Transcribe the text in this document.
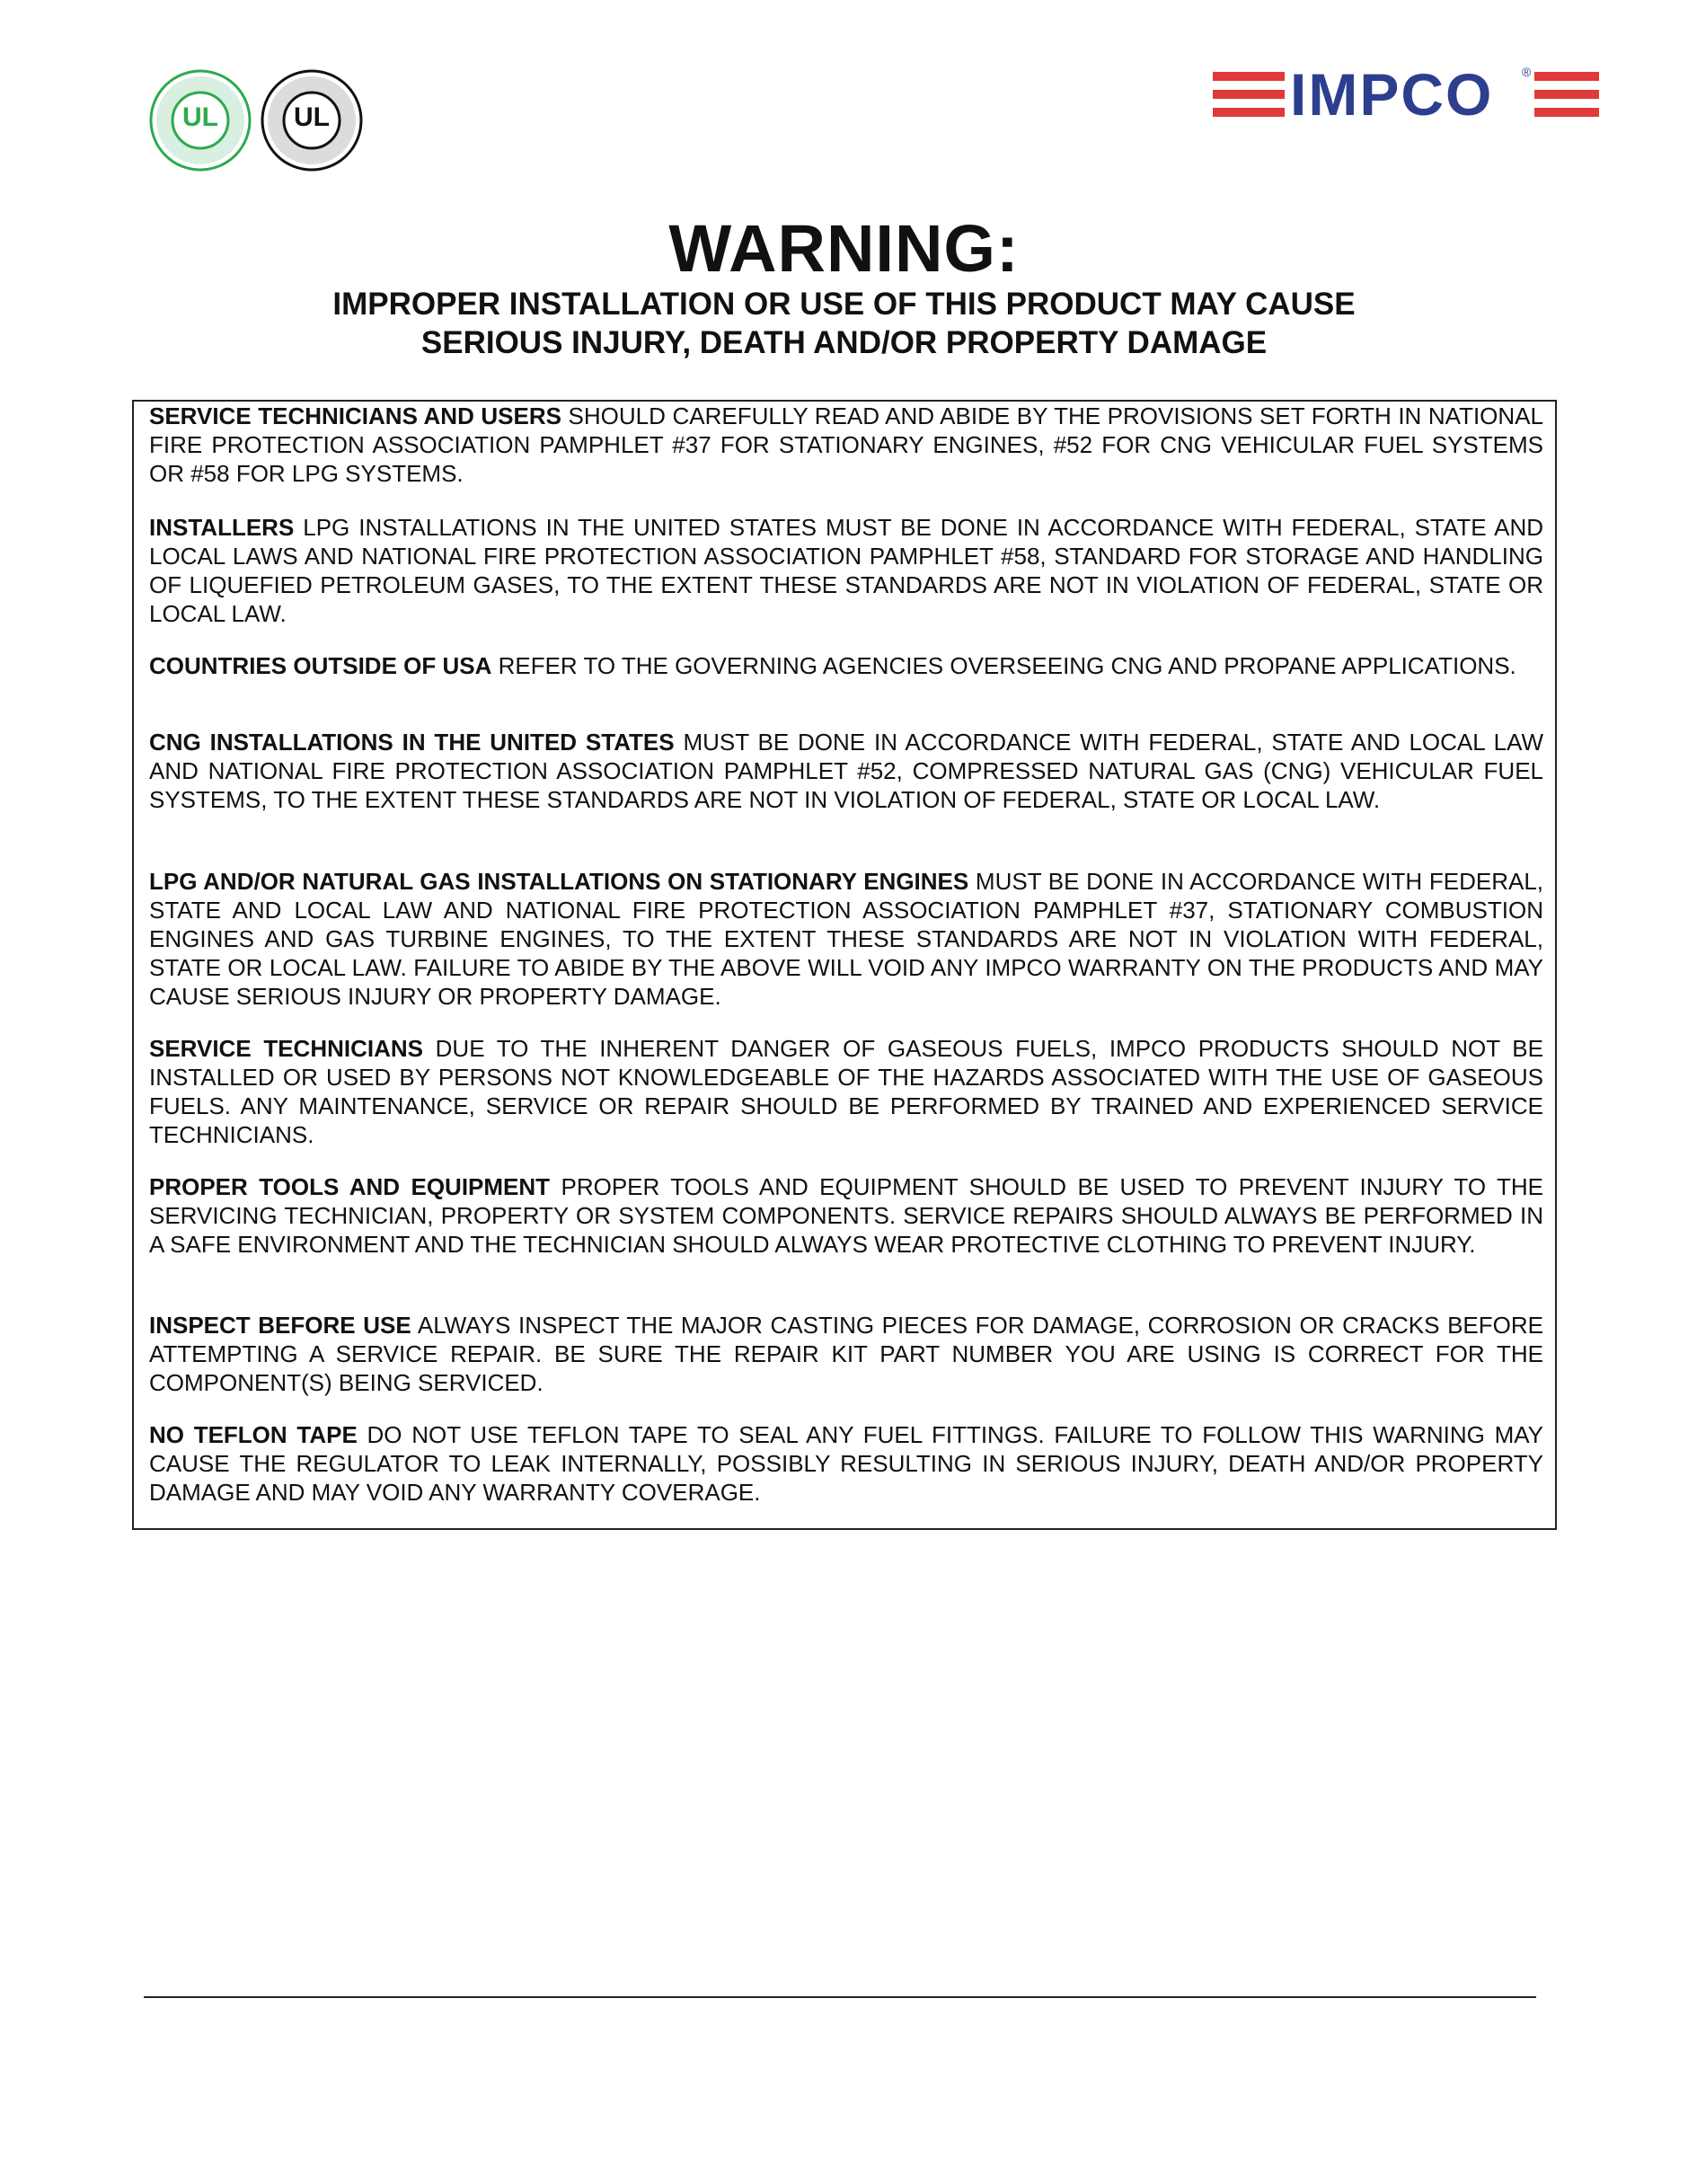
UL	UL	IMPCO ®
WARNING:
IMPROPER INSTALLATION OR USE OF THIS PRODUCT MAY CAUSE
SERIOUS INJURY, DEATH AND/OR PROPERTY DAMAGE

SERVICE TECHNICIANS AND USERS SHOULD CAREFULLY READ AND ABIDE BY THE PROVISIONS SET FORTH IN NATIONAL FIRE PROTECTION ASSOCIATION PAMPHLET #37 FOR STATIONARY ENGINES, #52 FOR CNG VEHICULAR FUEL SYSTEMS OR #58 FOR LPG SYSTEMS.

INSTALLERS LPG INSTALLATIONS IN THE UNITED STATES MUST BE DONE IN ACCORDANCE WITH FEDERAL, STATE AND LOCAL LAWS AND NATIONAL FIRE PROTECTION ASSOCIATION PAMPHLET #58, STANDARD FOR STORAGE AND HANDLING OF LIQUEFIED PETROLEUM GASES, TO THE EXTENT THESE STANDARDS ARE NOT IN VIOLATION OF FEDERAL, STATE OR LOCAL LAW.

COUNTRIES OUTSIDE OF USA REFER TO THE GOVERNING AGENCIES OVERSEEING CNG AND PROPANE APPLICATIONS.

CNG INSTALLATIONS IN THE UNITED STATES MUST BE DONE IN ACCORDANCE WITH FEDERAL, STATE AND LOCAL LAW AND NATIONAL FIRE PROTECTION ASSOCIATION PAMPHLET #52, COMPRESSED NATURAL GAS (CNG) VEHICULAR FUEL SYSTEMS, TO THE EXTENT THESE STANDARDS ARE NOT IN VIOLATION OF FEDERAL, STATE OR LOCAL LAW.

LPG AND/OR NATURAL GAS INSTALLATIONS ON STATIONARY ENGINES MUST BE DONE IN ACCORDANCE WITH FEDERAL, STATE AND LOCAL LAW AND NATIONAL FIRE PROTECTION ASSOCIATION PAMPHLET #37, STATIONARY COMBUSTION ENGINES AND GAS TURBINE ENGINES, TO THE EXTENT THESE STANDARDS ARE NOT IN VIOLATION WITH FEDERAL, STATE OR LOCAL LAW. FAILURE TO ABIDE BY THE ABOVE WILL VOID ANY IMPCO WARRANTY ON THE PRODUCTS AND MAY CAUSE SERIOUS INJURY OR PROPERTY DAMAGE.

SERVICE TECHNICIANS DUE TO THE INHERENT DANGER OF GASEOUS FUELS, IMPCO PRODUCTS SHOULD NOT BE INSTALLED OR USED BY PERSONS NOT KNOWLEDGEABLE OF THE HAZARDS ASSOCIATED WITH THE USE OF GASEOUS FUELS. ANY MAINTENANCE, SERVICE OR REPAIR SHOULD BE PERFORMED BY TRAINED AND EXPERIENCED SERVICE TECHNICIANS.

PROPER TOOLS AND EQUIPMENT PROPER TOOLS AND EQUIPMENT SHOULD BE USED TO PREVENT INJURY TO THE SERVICING TECHNICIAN, PROPERTY OR SYSTEM COMPONENTS. SERVICE REPAIRS SHOULD ALWAYS BE PERFORMED IN A SAFE ENVIRONMENT AND THE TECHNICIAN SHOULD ALWAYS WEAR PROTECTIVE CLOTHING TO PREVENT INJURY.

INSPECT BEFORE USE ALWAYS INSPECT THE MAJOR CASTING PIECES FOR DAMAGE, CORROSION OR CRACKS BEFORE ATTEMPTING A SERVICE REPAIR. BE SURE THE REPAIR KIT PART NUMBER YOU ARE USING IS CORRECT FOR THE COMPONENT(S) BEING SERVICED.

NO TEFLON TAPE DO NOT USE TEFLON TAPE TO SEAL ANY FUEL FITTINGS. FAILURE TO FOLLOW THIS WARNING MAY CAUSE THE REGULATOR TO LEAK INTERNALLY, POSSIBLY RESULTING IN SERIOUS INJURY, DEATH AND/OR PROPERTY DAMAGE AND MAY VOID ANY WARRANTY COVERAGE.
